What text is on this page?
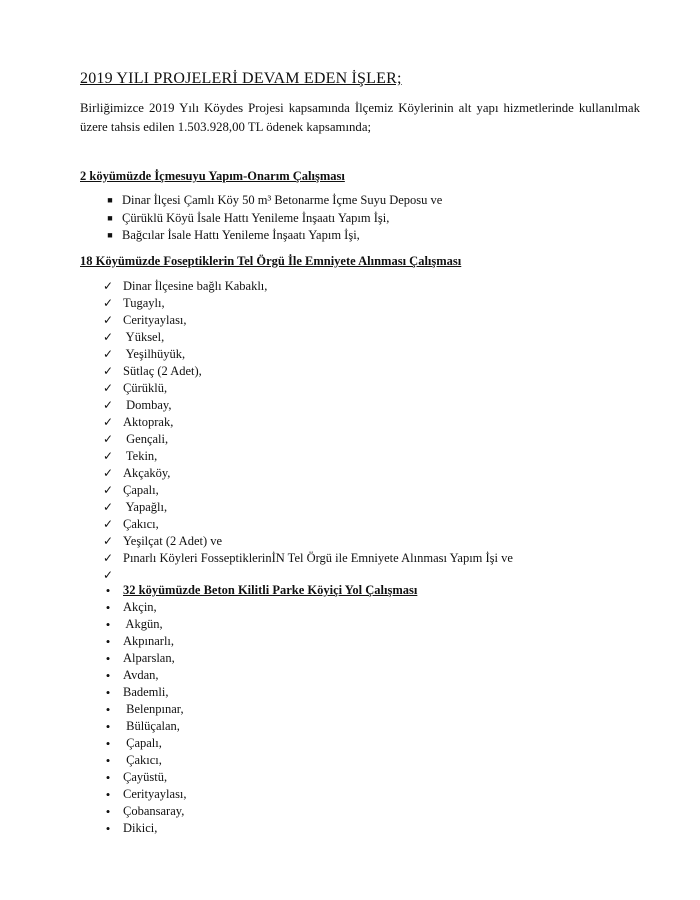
2019 YILI PROJELERİ DEVAM EDEN İŞLER;
Birliğimizce 2019 Yılı Köydes Projesi kapsamında İlçemiz Köylerinin alt yapı hizmetlerinde kullanılmak üzere tahsis edilen 1.503.928,00 TL ödenek kapsamında;
2 köyümüzde İçmesuyu Yapım-Onarım Çalışması

■

Dinar İlçesi Çamlı Köy 50 m³ Betonarme İçme Suyu Deposu ve

■

Çürüklü Köyü İsale Hattı Yenileme İnşaatı Yapım İşi,

■

Bağcılar İsale Hattı Yenileme İnşaatı Yapım İşi,

18 Köyümüzde Foseptiklerin Tel Örgü İle Emniyete Alınması Çalışması
✓ Dinar İlçesine bağlı Kabaklı,
✓ Tugaylı,
✓ Cerityaylası,
✓ Yüksel,
✓ Yeşilhüyük,
✓ Sütlaç (2 Adet),
✓ Çürüklü,
✓ Dombay,
✓ Aktoprak,
✓ Gençali,
✓ Tekin,
✓ Akçaköy,
✓ Çapalı,
✓ Yapağlı,
✓ Çakıcı,
✓ Yeşilçat (2 Adet) ve
✓ Pınarlı Köyleri FosseptiklerinİN Tel Örgü ile Emniyete Alınması Yapım İşi ve
✓
•	32 köyümüzde Beton Kilitli Parke Köyiçi Yol Çalışması
•	Akçin,
•	Akgün,
•	Akpınarlı,
•	Alparslan,
•	Avdan,
•	Bademli,
•	Belenpınar,
•	Bülüçalan,
•	Çapalı,
•	Çakıcı,
•	Çayüstü,
•	Cerityaylası,
•	Çobansaray,
•	Dikici,
